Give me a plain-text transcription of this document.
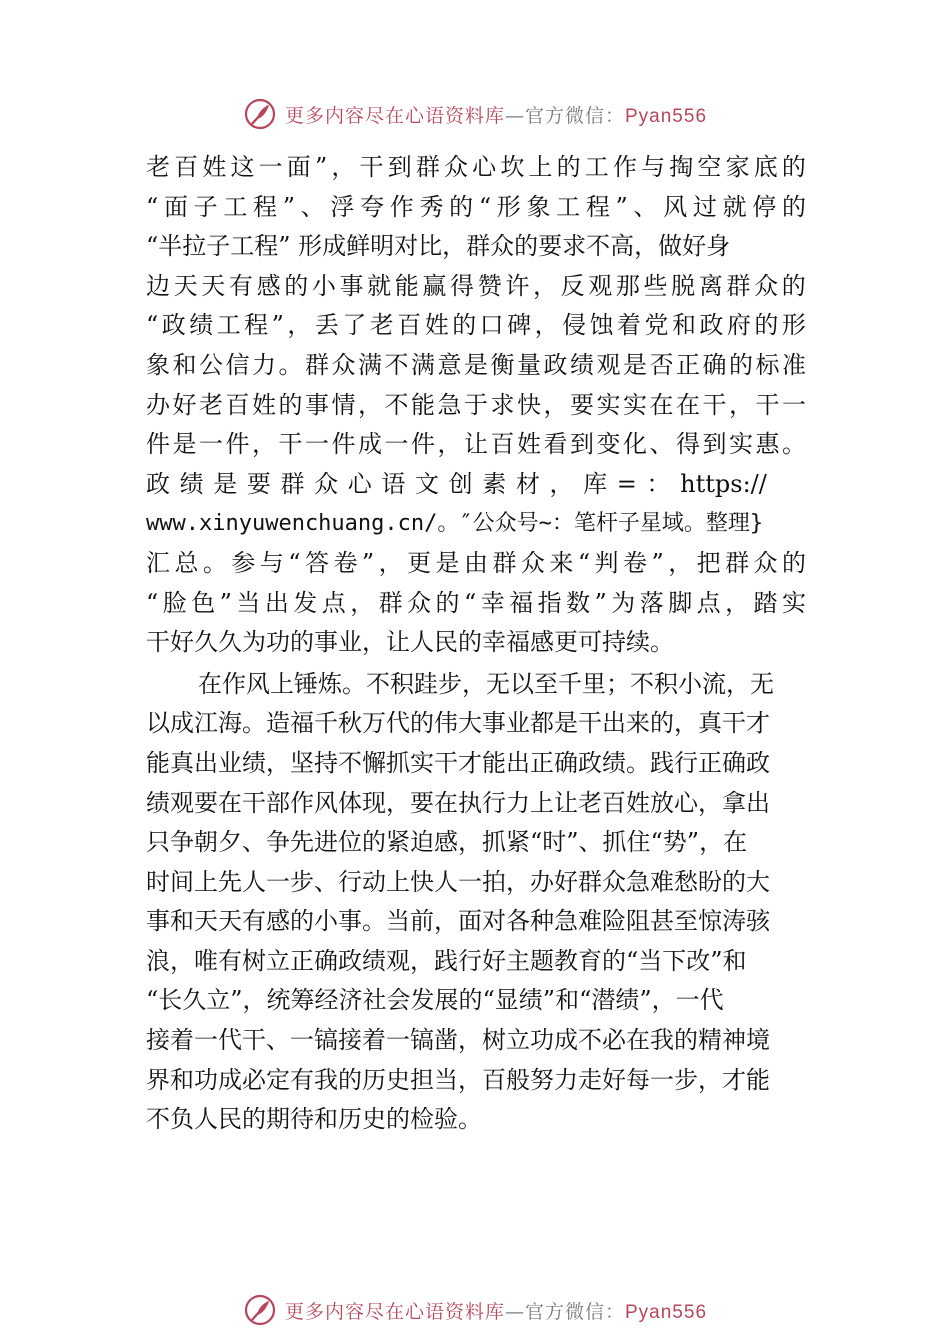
更多内容尽在心语资料库—官方微信：Pyan556
老 百 姓 这 一 面 ” ， 干 到 群 众 心 坎 上 的 工 作 与 掏 空 家 底 的
“ 面 子 工 程 ” 、 浮 夸 作 秀 的 “ 形 象 工 程 ” 、 风 过 就 停 的
“半拉子工程” 形成鲜明对比，群众的要求不高，做好身
边 天 天 有 感 的 小 事 就 能 赢 得 赞 许 ， 反 观 那 些 脱 离 群 众 的
“ 政 绩 工 程 ” ， 丢 了 老 百 姓 的 口 碑 ， 侵 蚀 着 党 和 政 府 的 形
象 和 公 信 力 。 群 众 满 不 满 意 是 衡 量 政 绩 观 是 否 正 确 的 标 准
办 好 老 百 姓 的 事 情 ， 不 能 急 于 求 快 ， 要 实 实 在 在 干 ， 干 一
件 是 一 件 ， 干 一 件 成 一 件 ， 让 百 姓 看 到 变 化 、 得 到 实 惠 。
政 绩 是 要 群 众 心 语 文 创 素 材 ， 库 = ： https://
www.xinyuwenchuang.cn/。″公众号~：笔杆子星域。整理}
汇 总 。 参 与 “ 答 卷 ” ， 更 是 由 群 众 来 “ 判 卷 ” ， 把 群 众 的
“ 脸 色 ” 当 出 发 点 ， 群 众 的 “ 幸 福 指 数 ” 为 落 脚 点 ， 踏 实
干好久久为功的事业，让人民的幸福感更可持续。
在作风上锤炼。不积跬步，无以至千里；不积小流，无
以成江海。造福千秋万代的伟大事业都是干出来的，真干才
能真出业绩，坚持不懈抓实干才能出正确政绩。践行正确政
绩观要在干部作风体现，要在执行力上让老百姓放心，拿出
只争朝夕、争先进位的紧迫感，抓紧“时”、抓住“势”，在
时间上先人一步、行动上快人一拍，办好群众急难愁盼的大
事和天天有感的小事。当前，面对各种急难险阻甚至惊涛骇
浪，唯有树立正确政绩观，践行好主题教育的“当下改”和
“长久立”，统筹经济社会发展的“显绩”和“潜绩”，一代
接着一代干、一镐接着一镐凿，树立功成不必在我的精神境
界和功成必定有我的历史担当，百般努力走好每一步，才能
不负人民的期待和历史的检验。
更多内容尽在心语资料库—官方微信：Pyan556
